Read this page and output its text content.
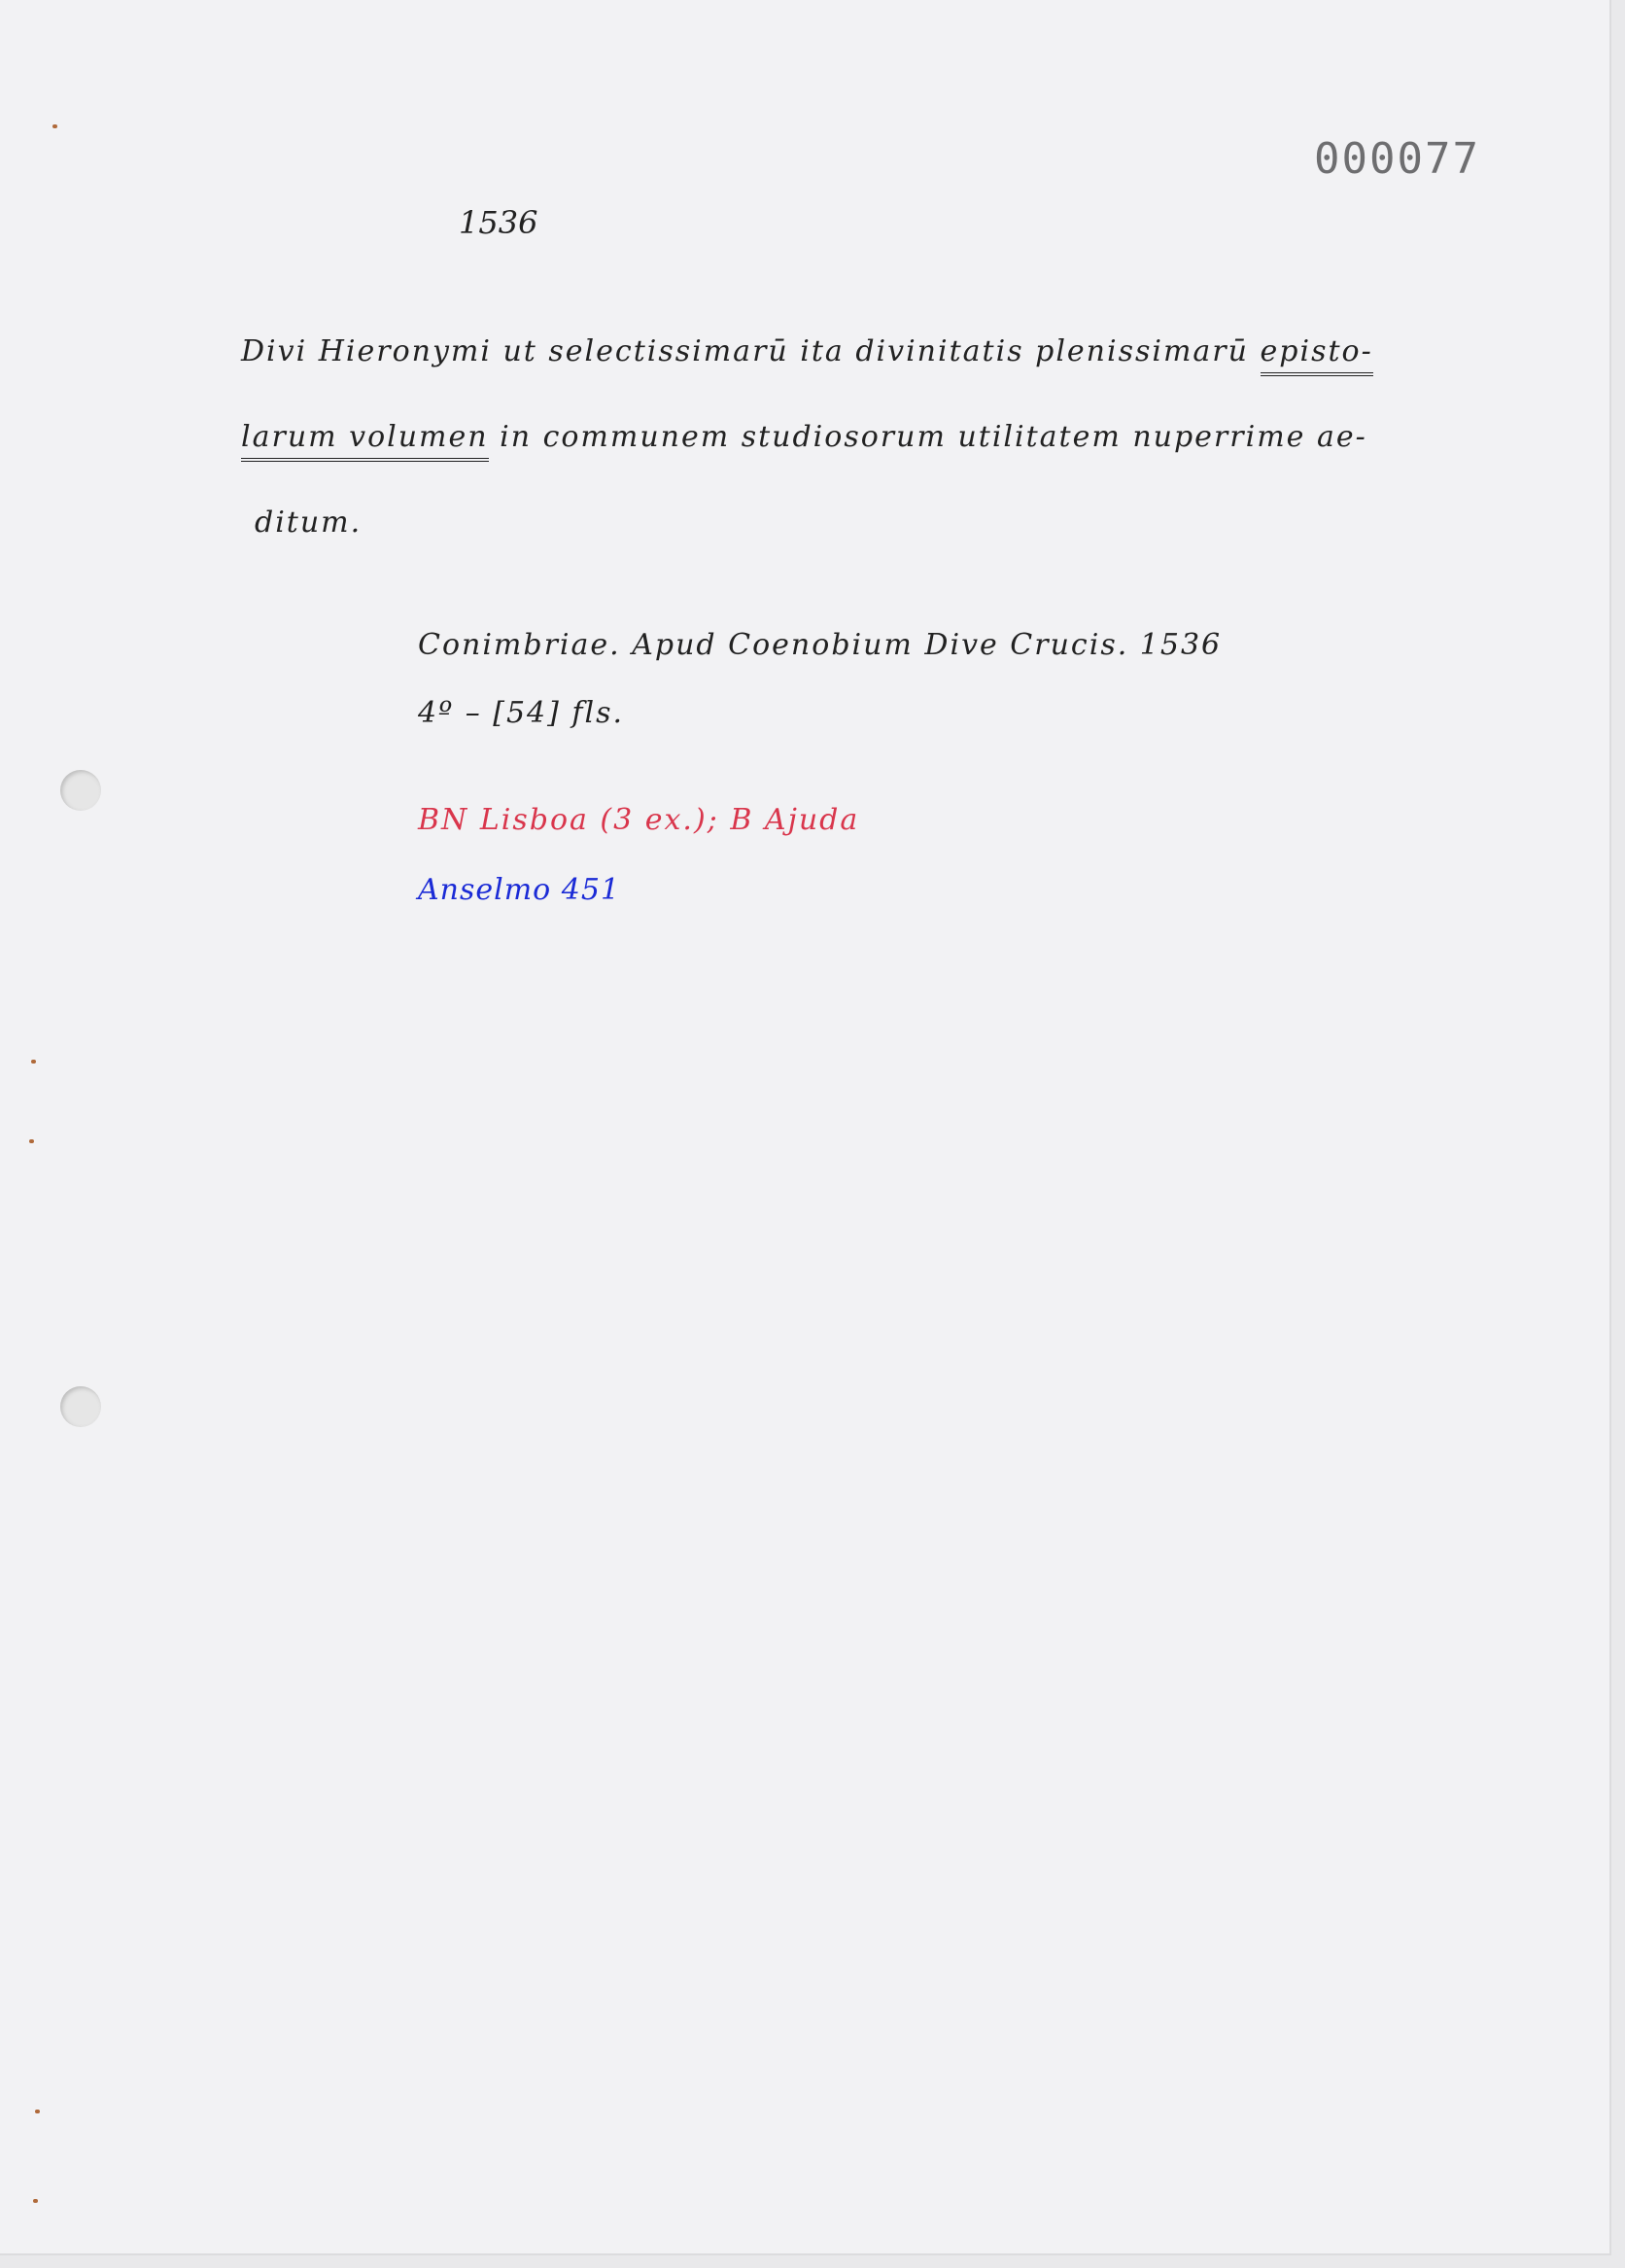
000077
1536
Divi Hieronymi ut selectissimarū ita divinitatis plenissimarū episto-
larum volumen in communem studiosorum utilitatem nuperrime ae-
ditum.
Conimbriae. Apud Coenobium Dive Crucis. 1536
4º – [54] fls.
BN Lisboa (3 ex.); B Ajuda
Anselmo 451
